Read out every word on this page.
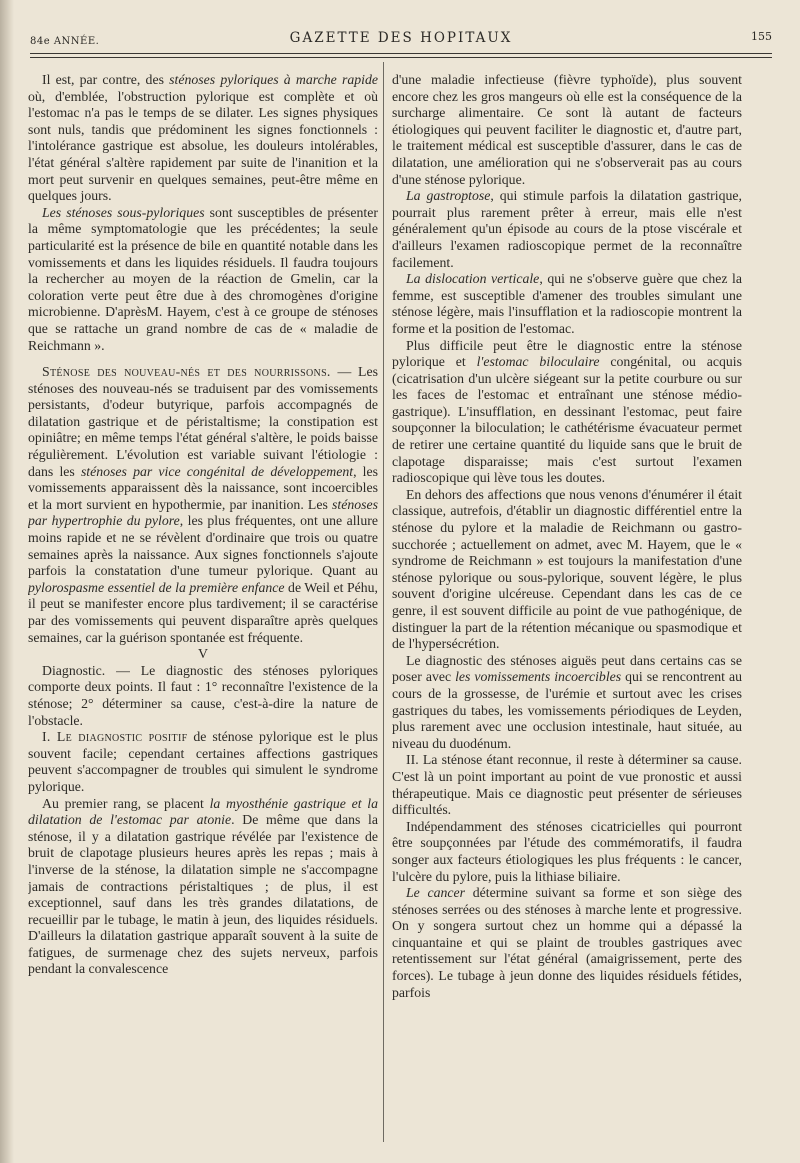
84e ANNÉE.	GAZETTE DES HOPITAUX	155

Il est, par contre, des sténoses pyloriques à marche rapide où, d'emblée, l'obstruction pylorique est complète et où l'estomac n'a pas le temps de se dilater. Les signes physiques sont nuls, tandis que prédominent les signes fonctionnels : l'intolérance gastrique est absolue, les douleurs intolérables, l'état général s'altère rapidement par suite de l'inanition et la mort peut survenir en quelques semaines, peut-être même en quelques jours.

Les sténoses sous-pyloriques sont susceptibles de présenter la même symptomatologie que les précédentes; la seule particularité est la présence de bile en quantité notable dans les vomissements et dans les liquides résiduels. Il faudra toujours la rechercher au moyen de la réaction de Gmelin, car la coloration verte peut être due à des chromogènes d'origine microbienne. D'aprèsM. Hayem, c'est à ce groupe de sténoses que se rattache un grand nombre de cas de « maladie de Reichmann ».

Sténose des nouveau-nés et des nourrissons. — Les sténoses des nouveau-nés se traduisent par des vomissements persistants, d'odeur butyrique, parfois accompagnés de dilatation gastrique et de péristaltisme; la constipation est opiniâtre; en même temps l'état général s'altère, le poids baisse régulièrement. L'évolution est variable suivant l'étiologie : dans les sténoses par vice congénital de développement, les vomissements apparaissent dès la naissance, sont incoercibles et la mort survient en hypothermie, par inanition. Les sténoses par hypertrophie du pylore, les plus fréquentes, ont une allure moins rapide et ne se révèlent d'ordinaire que trois ou quatre semaines après la naissance. Aux signes fonctionnels s'ajoute parfois la constatation d'une tumeur pylorique. Quant au pylorospasme essentiel de la première enfance de Weil et Péhu, il peut se manifester encore plus tardivement; il se caractérise par des vomissements qui peuvent disparaître après quelques semaines, car la guérison spontanée est fréquente.

V

Diagnostic. — Le diagnostic des sténoses pyloriques comporte deux points. Il faut : 1° reconnaître l'existence de la sténose; 2° déterminer sa cause, c'est-à-dire la nature de l'obstacle.

I. Le diagnostic positif de sténose pylorique est le plus souvent facile; cependant certaines affections gastriques peuvent s'accompagner de troubles qui simulent le syndrome pylorique.

Au premier rang, se placent la myosthénie gastrique et la dilatation de l'estomac par atonie. De même que dans la sténose, il y a dilatation gastrique révélée par l'existence de bruit de clapotage plusieurs heures après les repas ; mais à l'inverse de la sténose, la dilatation simple ne s'accompagne jamais de contractions péristaltiques ; de plus, il est exceptionnel, sauf dans les très grandes dilatations, de recueillir par le tubage, le matin à jeun, des liquides résiduels. D'ailleurs la dilatation gastrique apparaît souvent à la suite de fatigues, de surmenage chez des sujets nerveux, parfois pendant la convalescence

d'une maladie infectieuse (fièvre typhoïde), plus souvent encore chez les gros mangeurs où elle est la conséquence de la surcharge alimentaire. Ce sont là autant de facteurs étiologiques qui peuvent faciliter le diagnostic et, d'autre part, le traitement médical est susceptible d'assurer, dans le cas de dilatation, une amélioration qui ne s'observerait pas au cours d'une sténose pylorique.

La gastroptose, qui stimule parfois la dilatation gastrique, pourrait plus rarement prêter à erreur, mais elle n'est généralement qu'un épisode au cours de la ptose viscérale et d'ailleurs l'examen radioscopique permet de la reconnaître facilement.

La dislocation verticale, qui ne s'observe guère que chez la femme, est susceptible d'amener des troubles simulant une sténose légère, mais l'insufflation et la radioscopie montrent la forme et la position de l'estomac.

Plus difficile peut être le diagnostic entre la sténose pylorique et l'estomac biloculaire congénital, ou acquis (cicatrisation d'un ulcère siégeant sur la petite courbure ou sur les faces de l'estomac et entraînant une sténose médio-gastrique). L'insufflation, en dessinant l'estomac, peut faire soupçonner la biloculation; le cathétérisme évacuateur permet de retirer une certaine quantité du liquide sans que le bruit de clapotage disparaisse; mais c'est surtout l'examen radioscopique qui lève tous les doutes.

En dehors des affections que nous venons d'énumérer il était classique, autrefois, d'établir un diagnostic différentiel entre la sténose du pylore et la maladie de Reichmann ou gastro-succhorée ; actuellement on admet, avec M. Hayem, que le « syndrome de Reichmann » est toujours la manifestation d'une sténose pylorique ou sous-pylorique, souvent légère, le plus souvent d'origine ulcéreuse. Cependant dans les cas de ce genre, il est souvent difficile au point de vue pathogénique, de distinguer la part de la rétention mécanique ou spasmodique et de l'hypersécrétion.

Le diagnostic des sténoses aiguës peut dans certains cas se poser avec les vomissements incoercibles qui se rencontrent au cours de la grossesse, de l'urémie et surtout avec les crises gastriques du tabes, les vomissements périodiques de Leyden, plus rarement avec une occlusion intestinale, haut située, au niveau du duodénum.

II. La sténose étant reconnue, il reste à déterminer sa cause. C'est là un point important au point de vue pronostic et aussi thérapeutique. Mais ce diagnostic peut présenter de sérieuses difficultés.

Indépendamment des sténoses cicatricielles qui pourront être soupçonnées par l'étude des commémoratifs, il faudra songer aux facteurs étiologiques les plus fréquents : le cancer, l'ulcère du pylore, puis la lithiase biliaire.

Le cancer détermine suivant sa forme et son siège des sténoses serrées ou des sténoses à marche lente et progressive. On y songera surtout chez un homme qui a dépassé la cinquantaine et qui se plaint de troubles gastriques avec retentissement sur l'état général (amaigrissement, perte des forces). Le tubage à jeun donne des liquides résiduels fétides, parfois
